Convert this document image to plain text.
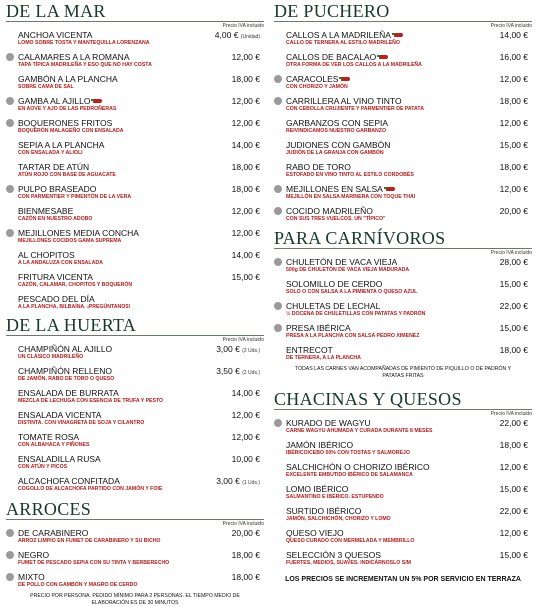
DE LA MAR
Precio IVA incluido
ANCHOA VICENTA
LOMO SOBRE TOSTA Y MANTEQUILLA LORENZANA
4,00 € (Unidad)
CALAMARES A LA ROMANA
TAPA TÍPICA MADRILEÑA Y ESO QUE NO HAY COSTA
12,00 €
GAMBÓN A LA PLANCHA
SOBRE CAMA DE SAL
18,00 €
GAMBA AL AJILLO
EN AOVE Y AJO DE LAS PEDROÑERAS
12,00 €
BOQUERONES FRITOS
BOQUERÓN MALAGEÑO CON ENSALADA
12,00 €
SEPIA A LA PLANCHA
CON ENSALADA Y ALIOLI
14,00 €
TARTAR DE ATÚN
ATÚN ROJO CON BASE DE AGUACATE
18,00 €
PULPO BRASEADO
CON PARMENTIER Y PIMENTÓN DE LA VERA
18,00 €
BIENMESABE
CAZÓN EN NUESTRO ADOBO
12,00 €
MEJILLONES MEDIA CONCHA
MEJILLONES COCIDOS GAMA SUPREMA
12,00 €
AL CHOPITOS
A LA ANDALUZA CON ENSALADA
14,00 €
FRITURA VICENTA
CAZÓN, CALAMAR, CHOPITOS Y BOQUERÓN
15,00 €
PESCADO DEL DÍA
A LA PLANCHA, BILBAÍNA. ¡PREGÚNTANOS!
DE LA HUERTA
Precio IVA incluido
CHAMPIÑÓN AL AJILLO
UN CLÁSICO MADRILEÑO
3,00 € (2 Uds.)
CHAMPIÑÓN RELLENO
DE JAMÓN, RABO DE TORO O QUESO
3,50 € (2 Uds.)
ENSALADA DE BURRATA
MEZCLA DE LECHUGA CON ESENCIA DE TRUFA Y PESTO
14,00 €
ENSALADA VICENTA
DISTINTA. CON VINAGRETA DE SOJA Y CILANTRO
12,00 €
TOMATE ROSA
CON ALBAHACA Y PIÑONES
12,00 €
ENSALADILLA RUSA
CON ATÚN Y PICOS
10,00 €
ALCACHOFA CONFITADA
COGOLLO DE ALCACHOFA PARTIDO CON JAMÓN Y FOIE
3,00 € (1 Uds.)
ARROCES
Precio IVA incluido
DE CARABINERO
ARROZ LIMPIO EN FUMET DE CARABINERO Y SU BICHO
20,00 €
NEGRO
FUMET DE PESCADO SEPIA CON SU TINTA Y BERBERECHO
18,00 €
MIXTO
DE POLLO CON GAMBÓN Y MAGRO DE CERDO
18,00 €
PRECIO POR PERSONA. PEDIDO MÍNIMO PARA 2 PERSONAS. EL TIEMPO MEDIO DE ELABORACIÓN ES DE 30 MINUTOS
DE PUCHERO
Precio IVA incluido
CALLOS A LA MADRILEÑA
CALLO DE TERNERA AL ESTILO MADRILEÑO
14,00 €
CALLOS DE BACALAO
OTRA FORMA DE VER LOS CALLOS A LA MADRILEÑA
16,00 €
CARACOLES
CON CHORIZO Y JAMÓN
12,00 €
CARRILLERA AL VINO TINTO
CON CEBOLLA CRUJIENTE Y PARMENTIER DE PATATA
18,00 €
GARBANZOS CON SEPIA
REIVINDICAMOS NUESTRO GARBANZO
12,00 €
JUDIONES CON GAMBÓN
JUDIÓN DE LA GRANJA CON GAMBÓN
15,00 €
RABO DE TORO
ESTOFADO EN VINO TINTO AL ESTILO CORDOBÉS
18,00 €
MEJILLONES EN SALSA
MEJILLÓN EN SALSA MARINERA CON TOQUE THAI
12,00 €
COCIDO MADRILEÑO
CON SUS TRES VUELCOS. UN "TÍPICO"
20,00 €
PARA CARNÍVOROS
Precio IVA incluido
CHULETÓN DE VACA VIEJA
500g DE CHULETÓN DE VACA VIEJA MADURADA
28,00 €
SOLOMILLO DE CERDO
SOLO O CON SALSA A LA PIMIENTA O QUESO AZUL
15,00 €
CHULETAS DE LECHAL
½ DOCENA DE CHULETILLAS CON PATATAS Y PADRÓN
22,00 €
PRESA IBÉRICA
PRESA A LA PLANCHA CON SALSA PEDRO XIMENEZ
15,00 €
ENTRECOT
DE TERNERA, A LA PLANCHA
18,00 €
TODAS LAS CARNES VAN ACOMPAÑADAS DE PIMIENTO DE PIQUILLO O DE PADRÓN Y PATATAS FRITAS
CHACINAS Y QUESOS
Precio IVA incluido
KURADO DE WAGYU
CARNE WAGYU AHUMADA Y CURADA DURANTE 8 MESES
22,00 €
JAMÓN IBÉRICO
IBÉRICO/CEBO 50% CON TOSTAS Y SALMOREJO
18,00 €
SALCHICHÓN O CHORIZO IBÉRICO
EXCELENTE EMBUTIDO IBÉRICO DE SALAMANCA
12,00 €
LOMO IBÉRICO
SALMANTINO E IBÉRICO. ESTUPENDO
15,00 €
SURTIDO IBÉRICO
JAMÓN, SALCHICHÓN, CHORIZO Y LOMO
22,00 €
QUESO VIEJO
QUESO CURADO CON MERMELADA Y MEMBRILLO
12,00 €
SELECCIÓN 3 QUESOS
FUERTES, MEDIOS, SUAVES. INDICÁRNOSLO S/M
15,00 €
LOS PRECIOS SE INCREMENTAN UN 5% POR SERVICIO EN TERRAZA
